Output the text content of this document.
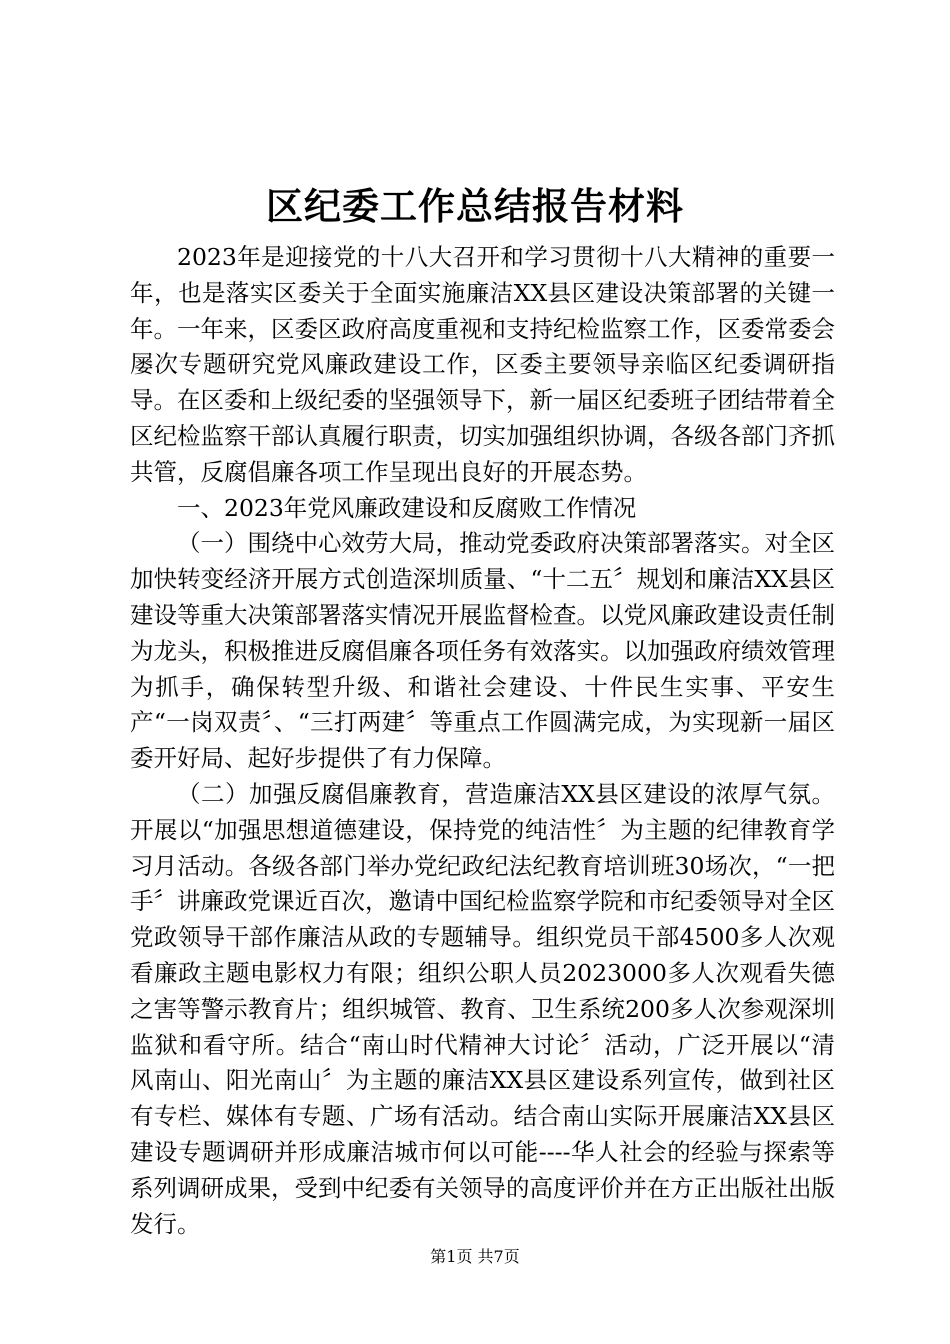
区纪委工作总结报告材料

2023年是迎接党的十八大召开和学习贯彻十八大精神的重要一年，也是落实区委关于全面实施廉洁XX县区建设决策部署的关键一年。一年来，区委区政府高度重视和支持纪检监察工作，区委常委会屡次专题研究党风廉政建设工作，区委主要领导亲临区纪委调研指导。在区委和上级纪委的坚强领导下，新一届区纪委班子团结带着全区纪检监察干部认真履行职责，切实加强组织协调，各级各部门齐抓共管，反腐倡廉各项工作呈现出良好的开展态势。

一、2023年党风廉政建设和反腐败工作情况

（一）围绕中心效劳大局，推动党委政府决策部署落实。对全区加快转变经济开展方式创造深圳质量、“十二五〞规划和廉洁XX县区建设等重大决策部署落实情况开展监督检查。以党风廉政建设责任制为龙头，积极推进反腐倡廉各项任务有效落实。以加强政府绩效管理为抓手，确保转型升级、和谐社会建设、十件民生实事、平安生产“一岗双责〞、“三打两建〞等重点工作圆满完成，为实现新一届区委开好局、起好步提供了有力保障。

（二）加强反腐倡廉教育，营造廉洁XX县区建设的浓厚气氛。开展以“加强思想道德建设，保持党的纯洁性〞为主题的纪律教育学习月活动。各级各部门举办党纪政纪法纪教育培训班30场次，“一把手〞讲廉政党课近百次，邀请中国纪检监察学院和市纪委领导对全区党政领导干部作廉洁从政的专题辅导。组织党员干部4500多人次观看廉政主题电影权力有限；组织公职人员2023000多人次观看失德之害等警示教育片；组织城管、教育、卫生系统200多人次参观深圳监狱和看守所。结合“南山时代精神大讨论〞活动，广泛开展以“清风南山、阳光南山〞为主题的廉洁XX县区建设系列宣传，做到社区有专栏、媒体有专题、广场有活动。结合南山实际开展廉洁XX县区建设专题调研并形成廉洁城市何以可能----华人社会的经验与探索等系列调研成果，受到中纪委有关领导的高度评价并在方正出版社出版发行。

第1页 共7页
